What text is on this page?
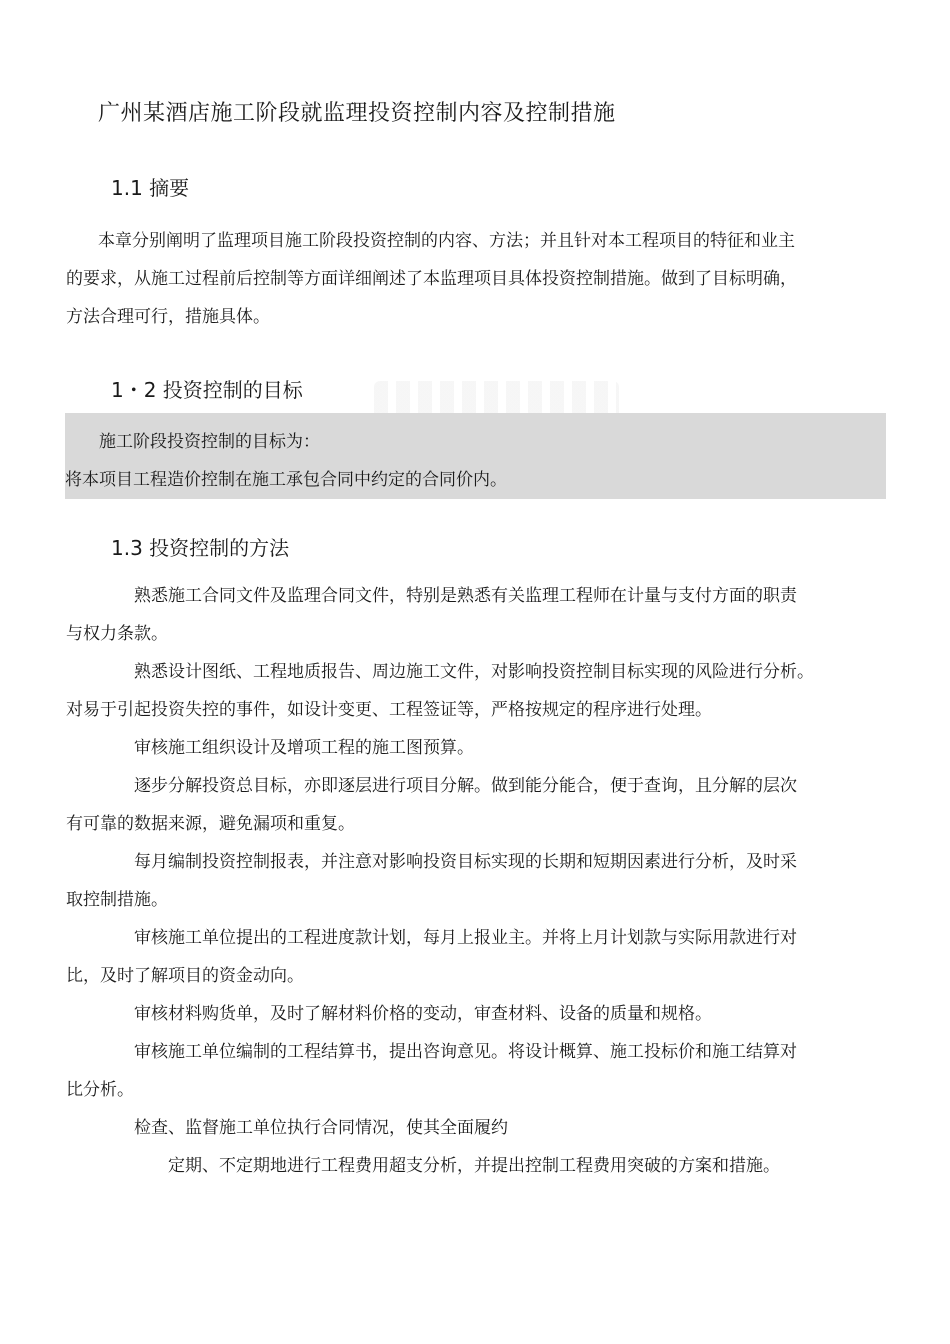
广州某酒店施工阶段就监理投资控制内容及控制措施
1.1 摘要
本章分别阐明了监理项目施工阶段投资控制的内容、方法；并且针对本工程项目的特征和业主
的要求，从施工过程前后控制等方面详细阐述了本监理项目具体投资控制措施。做到了目标明确，
方法合理可行，措施具体。
1・2 投资控制的目标
施工阶段投资控制的目标为：
将本项目工程造价控制在施工承包合同中约定的合同价内。
1.3 投资控制的方法
熟悉施工合同文件及监理合同文件，特别是熟悉有关监理工程师在计量与支付方面的职责
与权力条款。
熟悉设计图纸、工程地质报告、周边施工文件，对影响投资控制目标实现的风险进行分析。
对易于引起投资失控的事件，如设计变更、工程签证等，严格按规定的程序进行处理。
审核施工组织设计及增项工程的施工图预算。
逐步分解投资总目标，亦即逐层进行项目分解。做到能分能合，便于查询，且分解的层次
有可靠的数据来源，避免漏项和重复。
每月编制投资控制报表，并注意对影响投资目标实现的长期和短期因素进行分析，及时采
取控制措施。
审核施工单位提出的工程进度款计划，每月上报业主。并将上月计划款与实际用款进行对
比，及时了解项目的资金动向。
审核材料购货单，及时了解材料价格的变动，审查材料、设备的质量和规格。
审核施工单位编制的工程结算书，提出咨询意见。将设计概算、施工投标价和施工结算对
比分析。
检查、监督施工单位执行合同情况，使其全面履约
定期、不定期地进行工程费用超支分析，并提出控制工程费用突破的方案和措施。
